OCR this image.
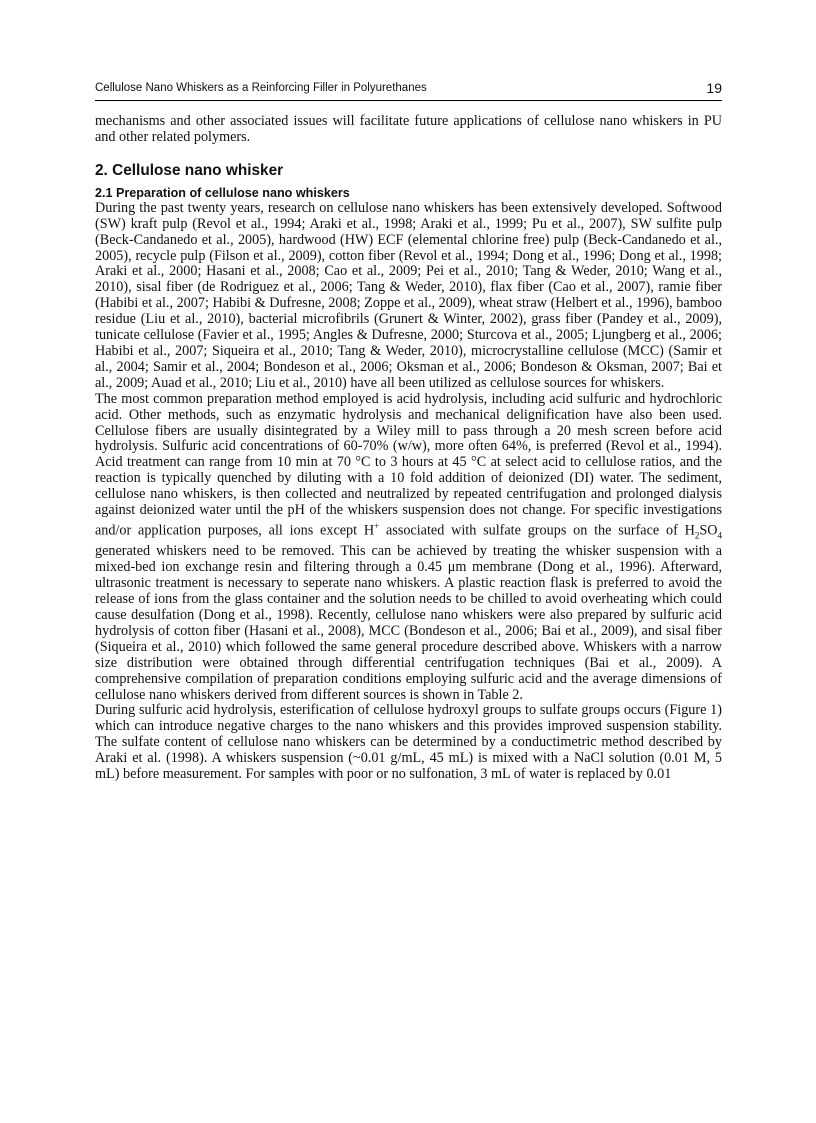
Cellulose Nano Whiskers as a Reinforcing Filler in Polyurethanes	19

mechanisms and other associated issues will facilitate future applications of cellulose nano whiskers in PU and other related polymers.

2. Cellulose nano whisker
2.1 Preparation of cellulose nano whiskers

During the past twenty years, research on cellulose nano whiskers has been extensively developed. Softwood (SW) kraft pulp (Revol et al., 1994; Araki et al., 1998; Araki et al., 1999; Pu et al., 2007), SW sulfite pulp (Beck-Candanedo et al., 2005), hardwood (HW) ECF (elemental chlorine free) pulp (Beck-Candanedo et al., 2005), recycle pulp (Filson et al., 2009), cotton fiber (Revol et al., 1994; Dong et al., 1996; Dong et al., 1998; Araki et al., 2000; Hasani et al., 2008; Cao et al., 2009; Pei et al., 2010; Tang & Weder, 2010; Wang et al., 2010), sisal fiber (de Rodriguez et al., 2006; Tang & Weder, 2010), flax fiber (Cao et al., 2007), ramie fiber (Habibi et al., 2007; Habibi & Dufresne, 2008; Zoppe et al., 2009), wheat straw (Helbert et al., 1996), bamboo residue (Liu et al., 2010), bacterial microfibrils (Grunert & Winter, 2002), grass fiber (Pandey et al., 2009), tunicate cellulose (Favier et al., 1995; Angles & Dufresne, 2000; Sturcova et al., 2005; Ljungberg et al., 2006; Habibi et al., 2007; Siqueira et al., 2010; Tang & Weder, 2010), microcrystalline cellulose (MCC) (Samir et al., 2004; Samir et al., 2004; Bondeson et al., 2006; Oksman et al., 2006; Bondeson & Oksman, 2007; Bai et al., 2009; Auad et al., 2010; Liu et al., 2010) have all been utilized as cellulose sources for whiskers.

The most common preparation method employed is acid hydrolysis, including acid sulfuric and hydrochloric acid. Other methods, such as enzymatic hydrolysis and mechanical delignification have also been used. Cellulose fibers are usually disintegrated by a Wiley mill to pass through a 20 mesh screen before acid hydrolysis. Sulfuric acid concentrations of 60-70% (w/w), more often 64%, is preferred (Revol et al., 1994). Acid treatment can range from 10 min at 70 °C to 3 hours at 45 °C at select acid to cellulose ratios, and the reaction is typically quenched by diluting with a 10 fold addition of deionized (DI) water. The sediment, cellulose nano whiskers, is then collected and neutralized by repeated centrifugation and prolonged dialysis against deionized water until the pH of the whiskers suspension does not change. For specific investigations and/or application purposes, all ions except H+ associated with sulfate groups on the surface of $H_2SO_4$ generated whiskers need to be removed. This can be achieved by treating the whisker suspension with a mixed-bed ion exchange resin and filtering through a 0.45 μm membrane (Dong et al., 1996). Afterward, ultrasonic treatment is necessary to seperate nano whiskers. A plastic reaction flask is preferred to avoid the release of ions from the glass container and the solution needs to be chilled to avoid overheating which could cause desulfation (Dong et al., 1998). Recently, cellulose nano whiskers were also prepared by sulfuric acid hydrolysis of cotton fiber (Hasani et al., 2008), MCC (Bondeson et al., 2006; Bai et al., 2009), and sisal fiber (Siqueira et al., 2010) which followed the same general procedure described above. Whiskers with a narrow size distribution were obtained through differential centrifugation techniques (Bai et al., 2009). A comprehensive compilation of preparation conditions employing sulfuric acid and the average dimensions of cellulose nano whiskers derived from different sources is shown in Table 2.

During sulfuric acid hydrolysis, esterification of cellulose hydroxyl groups to sulfate groups occurs (Figure 1) which can introduce negative charges to the nano whiskers and this provides improved suspension stability. The sulfate content of cellulose nano whiskers can be determined by a conductimetric method described by Araki et al. (1998). A whiskers suspension (~0.01 g/mL, 45 mL) is mixed with a NaCl solution (0.01 M, 5 mL) before measurement. For samples with poor or no sulfonation, 3 mL of water is replaced by 0.01
